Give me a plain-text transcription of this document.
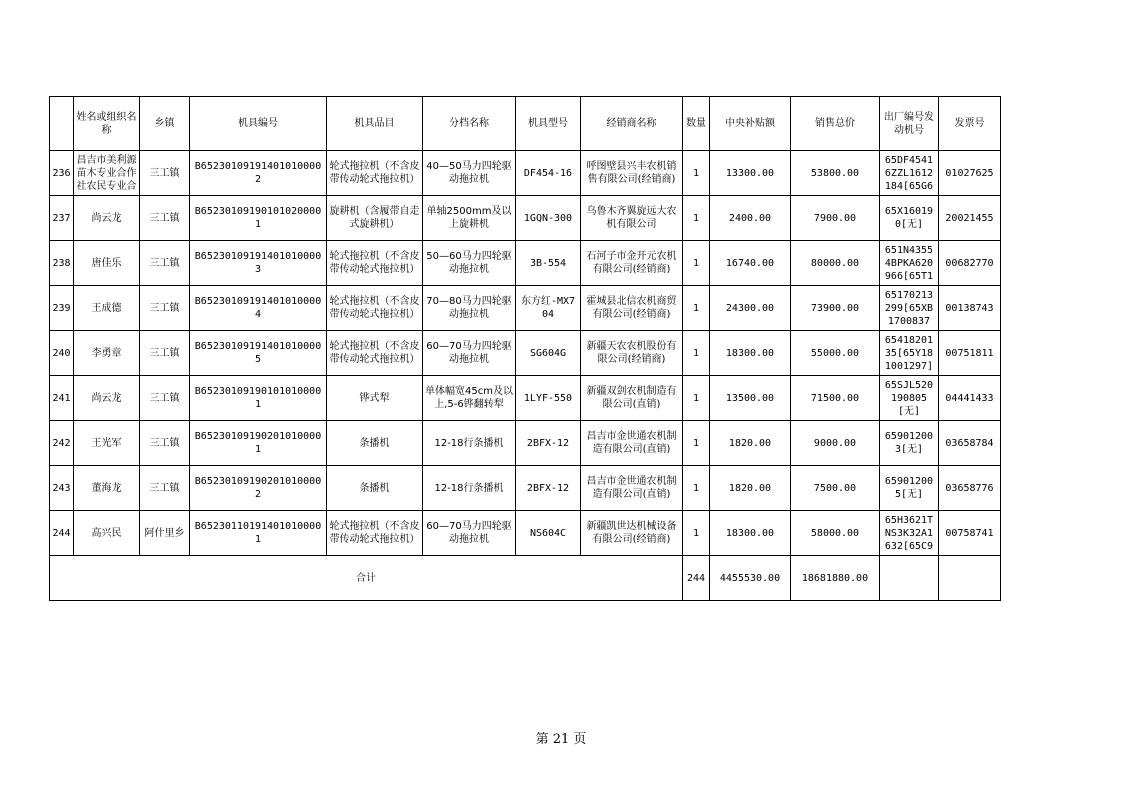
	姓名或组织名称	乡镇	机具编号	机具品目	分档名称	机具型号	经销商名称	数量	中央补贴额	销售总价	出厂编号发动机号	发票号

236	昌吉市美利源苗木专业合作社农民专业合	三工镇	B652301091914010100002	轮式拖拉机（不含皮带传动轮式拖拉机）	40—50马力四轮驱动拖拉机	DF454-16	呼图壁县兴丰农机销售有限公司(经销商)	1	13300.00	53800.00	65DF45416ZZL1612184[65G6	01027625

237	尚云龙	三工镇	B652301091901010200001	旋耕机（含履带自走式旋耕机）	单轴2500mm及以上旋耕机	1GQN-300	乌鲁木齐翼旋远大农机有限公司	1	2400.00	7900.00	65X160190[无]	20021455

238	唐佳乐	三工镇	B652301091914010100003	轮式拖拉机（不含皮带传动轮式拖拉机）	50—60马力四轮驱动拖拉机	3B-554	石河子市金开元农机有限公司(经销商)	1	16740.00	80000.00	651N43554BPKA620966[65T1	00682770

239	王成德	三工镇	B652301091914010100004	轮式拖拉机（不含皮带传动轮式拖拉机）	70—80马力四轮驱动拖拉机	东方红-MX704	霍城县北信农机商贸有限公司(经销商)	1	24300.00	73900.00	65170213299[65XB1700837	00138743

240	李勇章	三工镇	B652301091914010100005	轮式拖拉机（不含皮带传动轮式拖拉机）	60—70马力四轮驱动拖拉机	SG604G	新疆天农农机股份有限公司(经销商)	1	18300.00	55000.00	6541820135[65Y181001297]	00751811

241	尚云龙	三工镇	B652301091901010100001	铧式犁	单体幅宽45cm及以上,5-6铧翻转犁	1LYF-550	新疆双剑农机制造有限公司(直销)	1	13500.00	71500.00	65SJL520190805[无]	04441433

242	王光军	三工镇	B652301091902010100001	条播机	12-18行条播机	2BFX-12	昌吉市金世通农机制造有限公司(直销)	1	1820.00	9000.00	659012003[无]	03658784

243	董海龙	三工镇	B652301091902010100002	条播机	12-18行条播机	2BFX-12	昌吉市金世通农机制造有限公司(直销)	1	1820.00	7500.00	659012005[无]	03658776

244	高兴民	阿什里乡	B652301101914010100001	轮式拖拉机（不含皮带传动轮式拖拉机）	60—70马力四轮驱动拖拉机	NS604C	新疆凯世达机械设备有限公司(经销商)	1	18300.00	58000.00	65H3621TNS3K32A1632[65C9	00758741

合计								244	4455530.00	18681880.00		
第 21 页
